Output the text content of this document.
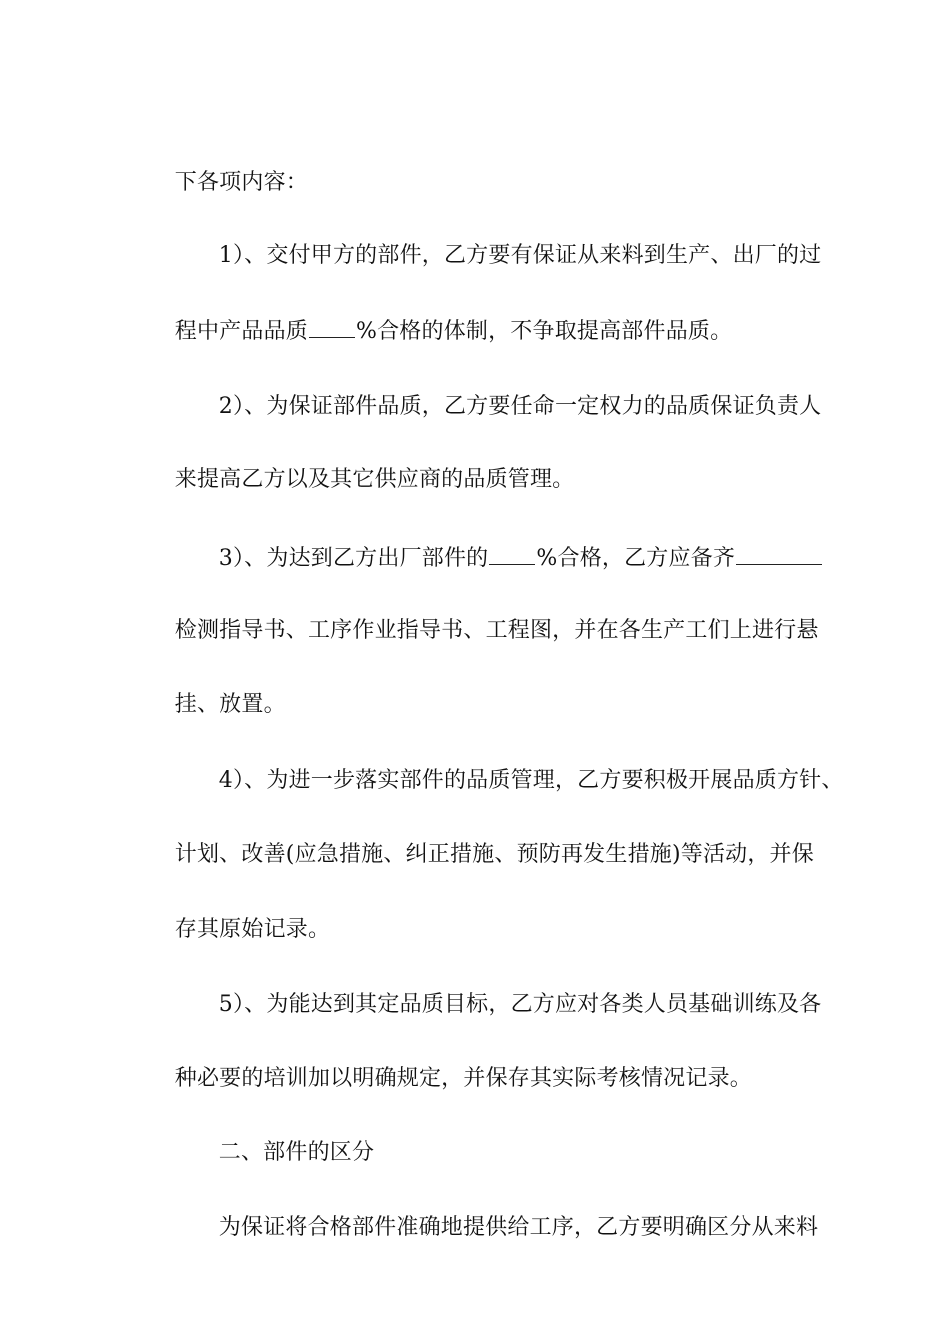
下各项内容：

1）、交付甲方的部件，乙方要有保证从来料到生产、出厂的过

程中产品品质 %合格的体制，不争取提高部件品质。

2）、为保证部件品质，乙方要任命一定权力的品质保证负责人

来提高乙方以及其它供应商的品质管理。

3）、为达到乙方出厂部件的 %合格，乙方应备齐

检测指导书、工序作业指导书、工程图，并在各生产工们上进行悬

挂、放置。

4）、为进一步落实部件的品质管理，乙方要积极开展品质方针、

计划、改善(应急措施、纠正措施、预防再发生措施)等活动，并保

存其原始记录。

5）、为能达到其定品质目标，乙方应对各类人员基础训练及各

种必要的培训加以明确规定，并保存其实际考核情况记录。

二、部件的区分

为保证将合格部件准确地提供给工序，乙方要明确区分从来料
